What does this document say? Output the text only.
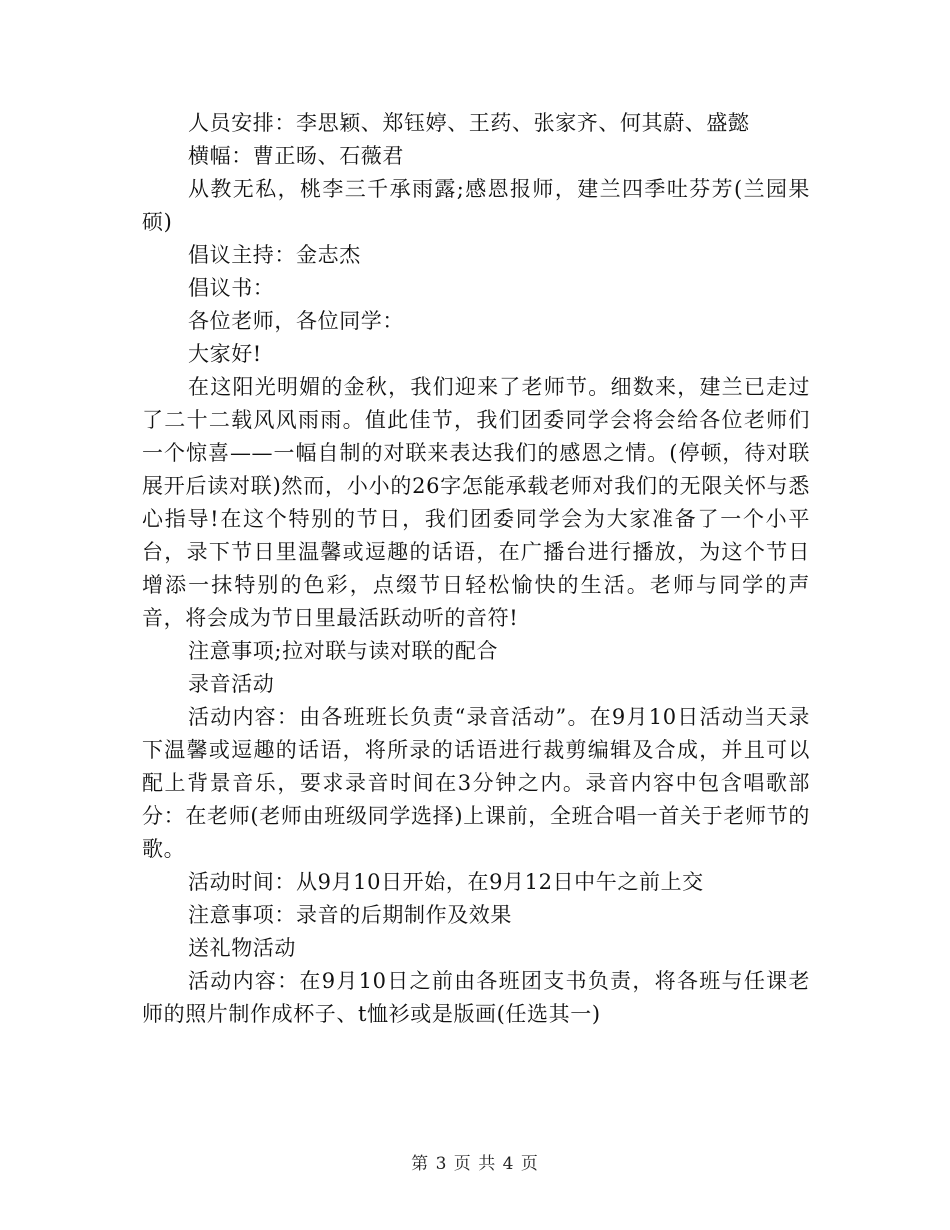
人员安排：李思颖、郑钰婷、王药、张家齐、何其蔚、盛懿

横幅：曹正旸、石薇君

从教无私，桃李三千承雨露;感恩报师，建兰四季吐芬芳(兰园果硕)

倡议主持：金志杰

倡议书：

各位老师，各位同学：

大家好!

在这阳光明媚的金秋，我们迎来了老师节。细数来，建兰已走过了二十二载风风雨雨。值此佳节，我们团委同学会将会给各位老师们一个惊喜——一幅自制的对联来表达我们的感恩之情。(停顿，待对联展开后读对联)然而，小小的26字怎能承载老师对我们的无限关怀与悉心指导!在这个特别的节日，我们团委同学会为大家准备了一个小平台，录下节日里温馨或逗趣的话语，在广播台进行播放，为这个节日增添一抹特别的色彩，点缀节日轻松愉快的生活。老师与同学的声音，将会成为节日里最活跃动听的音符!

注意事项;拉对联与读对联的配合

录音活动

活动内容：由各班班长负责“录音活动”。在9月10日活动当天录下温馨或逗趣的话语，将所录的话语进行裁剪编辑及合成，并且可以配上背景音乐，要求录音时间在3分钟之内。录音内容中包含唱歌部分：在老师(老师由班级同学选择)上课前，全班合唱一首关于老师节的歌。

活动时间：从9月10日开始，在9月12日中午之前上交

注意事项：录音的后期制作及效果

送礼物活动

活动内容：在9月10日之前由各班团支书负责，将各班与任课老师的照片制作成杯子、t恤衫或是版画(任选其一)

第 3 页 共 4 页
